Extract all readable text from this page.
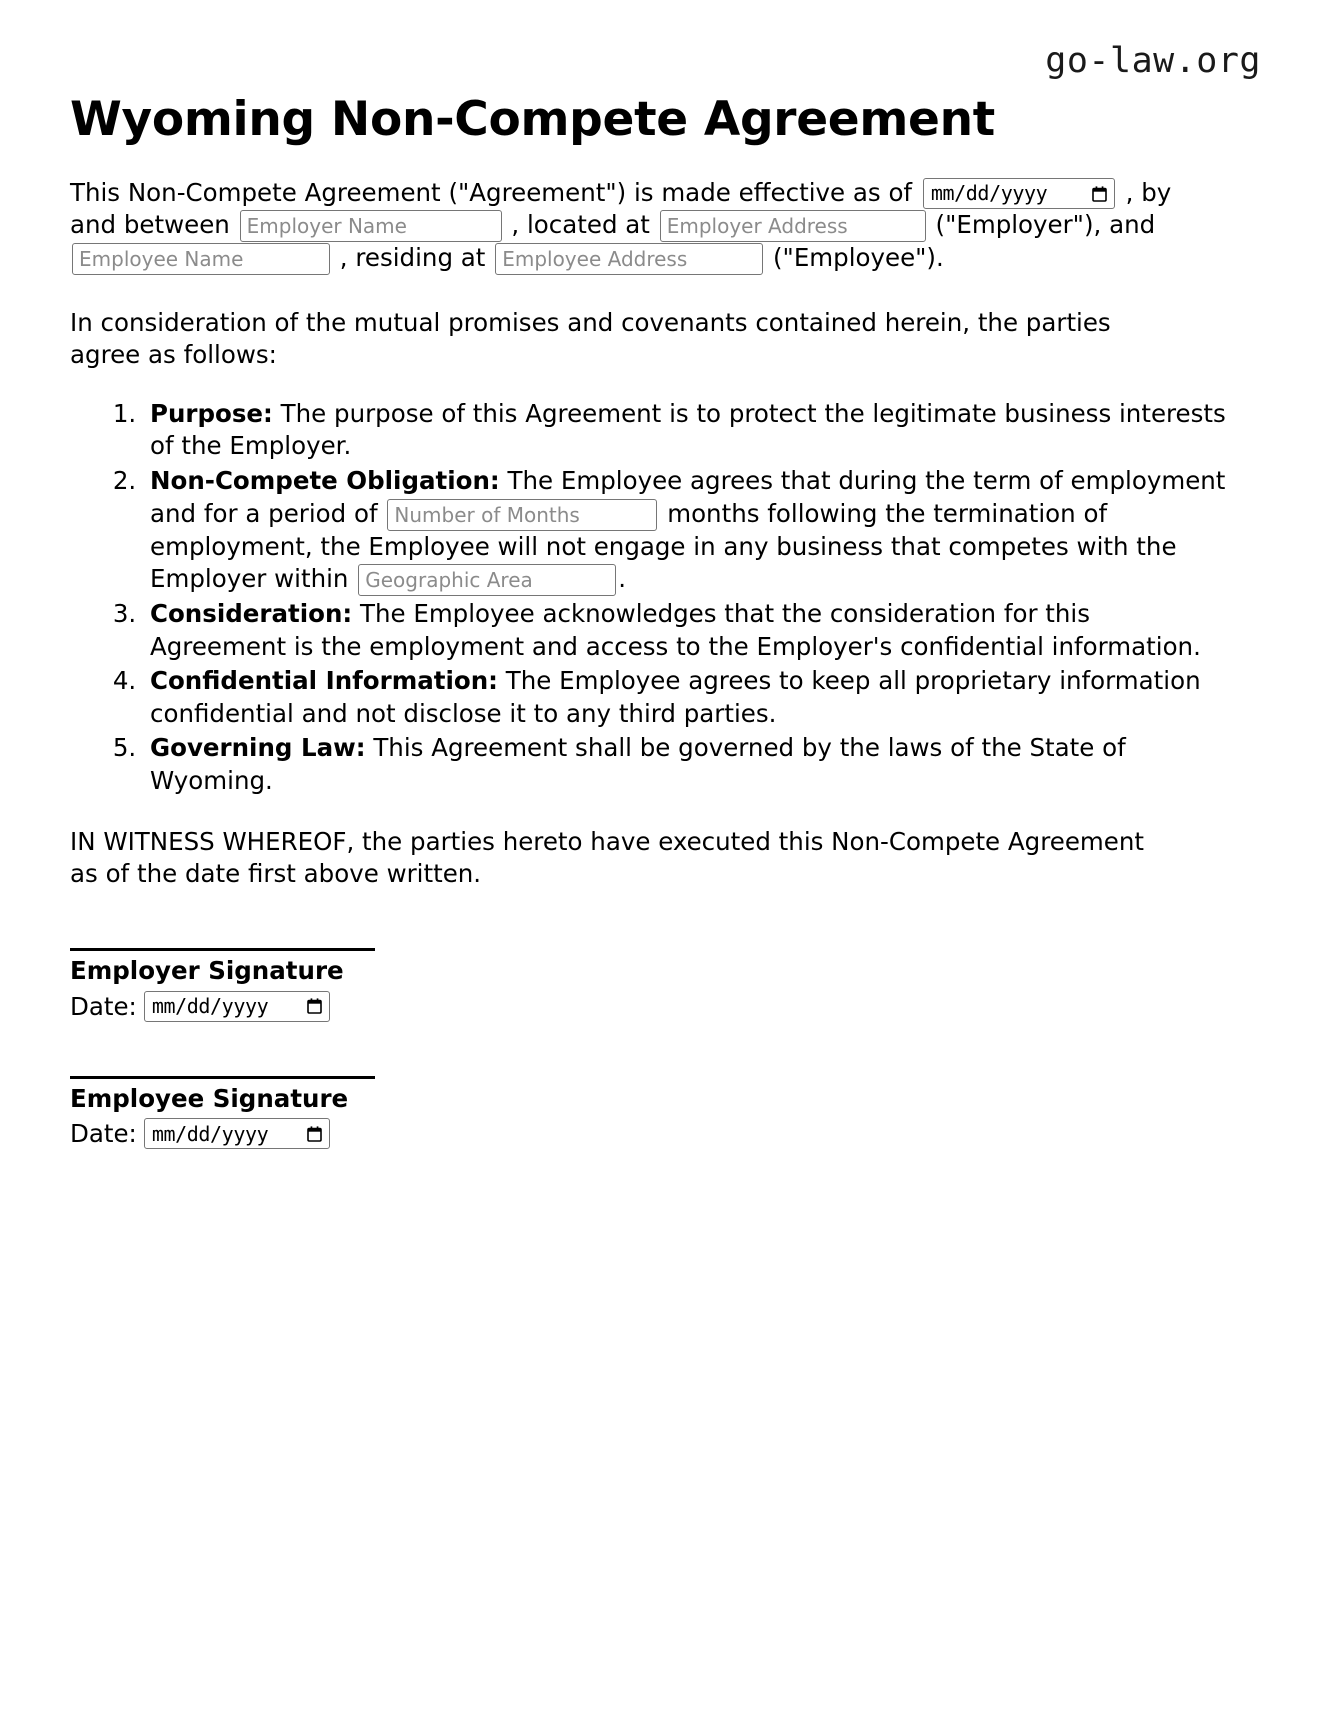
go-law.org
Wyoming Non-Compete Agreement

This Non-Compete Agreement ("Agreement") is made effective as of mm/dd/yyyy	, by and between Employer Name	, located at Employer Address	("Employer"), and Employee Name , residing at Employee Address	("Employee").

In consideration of the mutual promises and covenants contained herein, the parties agree as follows:

1. Purpose: The purpose of this Agreement is to protect the legitimate business interests of the Employer.
2. Non-Compete Obligation: The Employee agrees that during the term of employment and for a period of Number of Months	months following the termination of employment, the Employee will not engage in any business that competes with the Employer within Geographic Area	.
3. Consideration: The Employee acknowledges that the consideration for this Agreement is the employment and access to the Employer's confidential information.
4. Confidential Information: The Employee agrees to keep all proprietary information confidential and not disclose it to any third parties.
5. Governing Law: This Agreement shall be governed by the laws of the State of Wyoming.

IN WITNESS WHEREOF, the parties hereto have executed this Non-Compete Agreement as of the date first above written.

Employer Signature
Date: mm/dd/yyyy
Employee Signature
Date: mm/dd/yyyy
